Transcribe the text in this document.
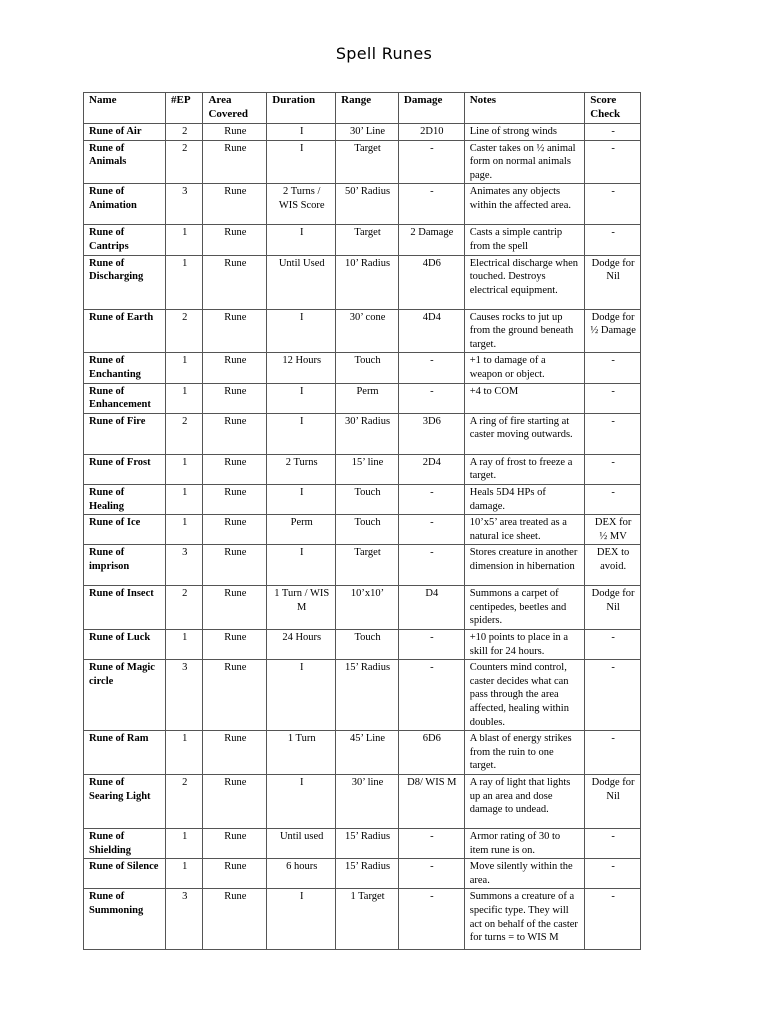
Spell Runes
Name	#EP	Area Covered	Duration	Range	Damage	Notes	Score Check
Rune of Air	2	Rune	I	30’ Line	2D10	Line of strong winds	-
Rune of Animals	2	Rune	I	Target	-	Caster takes on ½ animal form on normal animals page.	-
Rune of Animation	3	Rune	2 Turns / WIS Score	50’ Radius	-	Animates any objects within the affected area.	-
Rune of Cantrips	1	Rune	I	Target	2 Damage	Casts a simple cantrip from the spell	-
Rune of Discharging	1	Rune	Until Used	10’ Radius	4D6	Electrical discharge when touched. Destroys electrical equipment.	Dodge for Nil
Rune of Earth	2	Rune	I	30’ cone	4D4	Causes rocks to jut up from the ground beneath target.	Dodge for ½ Damage
Rune of Enchanting	1	Rune	12 Hours	Touch	-	+1 to damage of a weapon or object.	-
Rune of Enhancement	1	Rune	I	Perm	-	+4 to COM	-
Rune of Fire	2	Rune	I	30’ Radius	3D6	A ring of fire starting at caster moving outwards.	-
Rune of Frost	1	Rune	2 Turns	15’ line	2D4	A ray of frost to freeze a target.	-
Rune of Healing	1	Rune	I	Touch	-	Heals 5D4 HPs of damage.	-
Rune of Ice	1	Rune	Perm	Touch	-	10’x5’ area treated as a natural ice sheet.	DEX for ½ MV
Rune of imprison	3	Rune	I	Target	-	Stores creature in another dimension in hibernation	DEX to avoid.
Rune of Insect	2	Rune	1 Turn / WIS M	10’x10’	D4	Summons a carpet of centipedes, beetles and spiders.	Dodge for Nil
Rune of Luck	1	Rune	24 Hours	Touch	-	+10 points to place in a skill for 24 hours.	-
Rune of Magic circle	3	Rune	I	15’ Radius	-	Counters mind control, caster decides what can pass through the area affected, healing within doubles.	-
Rune of Ram	1	Rune	1 Turn	45’ Line	6D6	A blast of energy strikes from the ruin to one target.	-
Rune of Searing Light	2	Rune	I	30’ line	D8/ WIS M	A ray of light that lights up an area and dose damage to undead.	Dodge for Nil
Rune of Shielding	1	Rune	Until used	15’ Radius	-	Armor rating of 30 to item rune is on.	-
Rune of Silence	1	Rune	6 hours	15’ Radius	-	Move silently within the area.	-
Rune of Summoning	3	Rune	I	1 Target	-	Summons a creature of a specific type. They will act on behalf of the caster for turns = to WIS M	-
